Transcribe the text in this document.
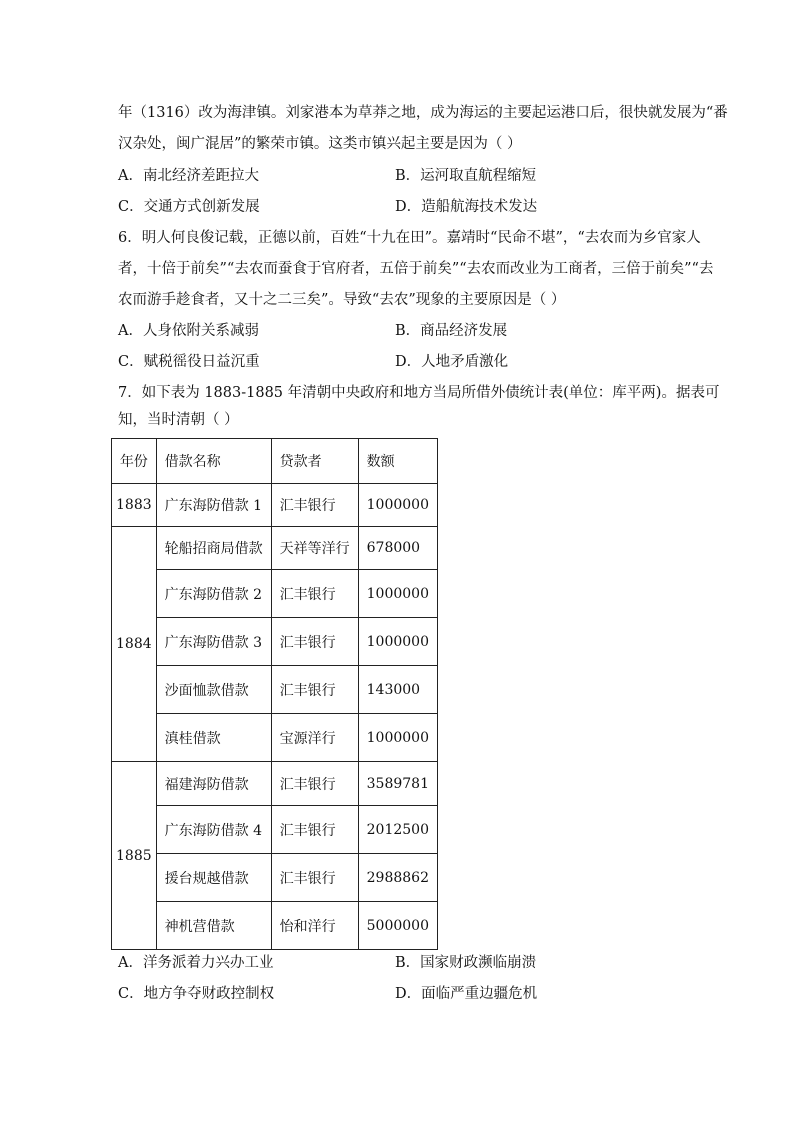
年（1316）改为海津镇。刘家港本为草莽之地，成为海运的主要起运港口后，很快就发展为“番
汉杂处，闽广混居”的繁荣市镇。这类市镇兴起主要是因为（ ）
A．南北经济差距拉大	B．运河取直航程缩短
C．交通方式创新发展	D．造船航海技术发达
6．明人何良俊记载，正德以前，百姓“十九在田”。嘉靖时“民命不堪”，“去农而为乡官家人
者，十倍于前矣”“去农而蚕食于官府者，五倍于前矣”“去农而改业为工商者，三倍于前矣”“去
农而游手趁食者，又十之二三矣”。导致“去农”现象的主要原因是（ ）
A．人身依附关系减弱	B．商品经济发展
C．赋税徭役日益沉重	D．人地矛盾激化
7．如下表为 1883-1885 年清朝中央政府和地方当局所借外债统计表(单位：库平两)。据表可
知，当时清朝（ ）
年份	借款名称	贷款者	数额
1883	广东海防借款 1	汇丰银行	1000000
1884	轮船招商局借款	天祥等洋行	678000
	广东海防借款 2	汇丰银行	1000000
	广东海防借款 3	汇丰银行	1000000
	沙面恤款借款	汇丰银行	143000
	滇桂借款	宝源洋行	1000000
1885	福建海防借款	汇丰银行	3589781
	广东海防借款 4	汇丰银行	2012500
	援台规越借款	汇丰银行	2988862
	神机营借款	怡和洋行	5000000
A．洋务派着力兴办工业	B．国家财政濒临崩溃
C．地方争夺财政控制权	D．面临严重边疆危机
